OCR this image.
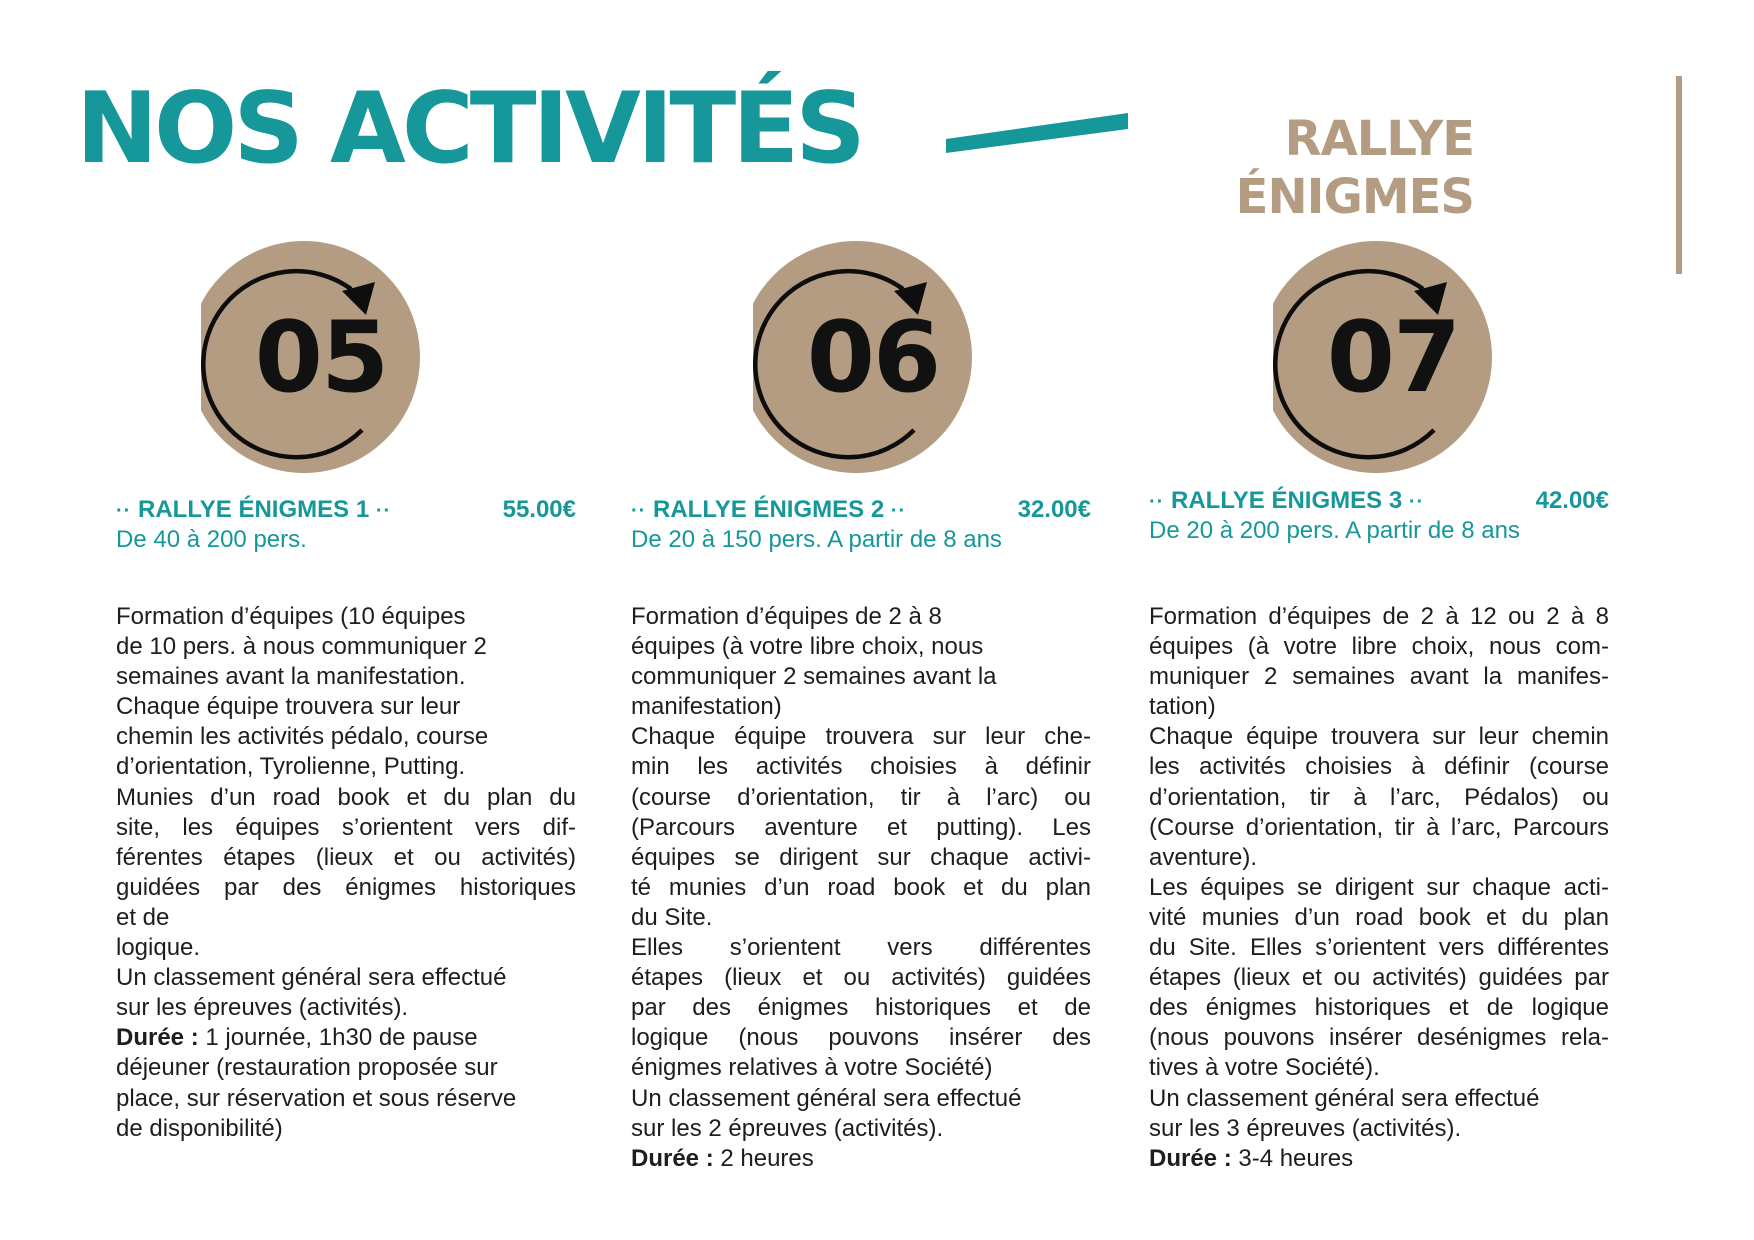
NOS ACTIVITÉS	RALLYE
ÉNIGMES
05
·· RALLYE ÉNIGMES 1 ··	55.00€
De 40 à 200 pers.

Formation d’équipes (10 équipes

de 10 pers. à nous communiquer 2

semaines avant la manifestation.

Chaque équipe trouvera sur leur

chemin les activités pédalo, course

d’orientation, Tyrolienne, Putting.

Munies d’un road book et du plan du

site, les équipes s’orientent vers dif-

férentes étapes (lieux et ou activités)

guidées par des énigmes historiques

et de

logique.

Un classement général sera effectué

sur les épreuves (activités).

Durée : 1 journée, 1h30 de pause

déjeuner (restauration proposée sur

place, sur réservation et sous réserve

de disponibilité)

06
·· RALLYE ÉNIGMES 2 ··	32.00€
De 20 à 150 pers. A partir de 8 ans

Formation d’équipes de 2 à 8

équipes (à votre libre choix, nous

communiquer 2 semaines avant la

manifestation)

Chaque équipe trouvera sur leur che-

min les activités choisies à définir

(course d’orientation, tir à l’arc) ou

(Parcours aventure et putting). Les

équipes se dirigent sur chaque activi-

té munies d’un road book et du plan

du Site.

Elles s’orientent vers différentes

étapes (lieux et ou activités) guidées

par des énigmes historiques et de

logique (nous pouvons insérer des

énigmes relatives à votre Société)

Un classement général sera effectué

sur les 2 épreuves (activités).

Durée : 2 heures

07
·· RALLYE ÉNIGMES 3 ··	42.00€
De 20 à 200 pers. A partir de 8 ans

Formation d’équipes de 2 à 12 ou 2 à 8

équipes (à votre libre choix, nous com-

muniquer 2 semaines avant la manifes-

tation)

Chaque équipe trouvera sur leur chemin

les activités choisies à définir (course

d’orientation, tir à l’arc, Pédalos) ou

(Course d’orientation, tir à l’arc, Parcours

aventure).

Les équipes se dirigent sur chaque acti-

vité munies d’un road book et du plan

du Site. Elles s’orientent vers différentes

étapes (lieux et ou activités) guidées par

des énigmes historiques et de logique

(nous pouvons insérer desénigmes rela-

tives à votre Société).

Un classement général sera effectué

sur les 3 épreuves (activités).

Durée : 3-4 heures
